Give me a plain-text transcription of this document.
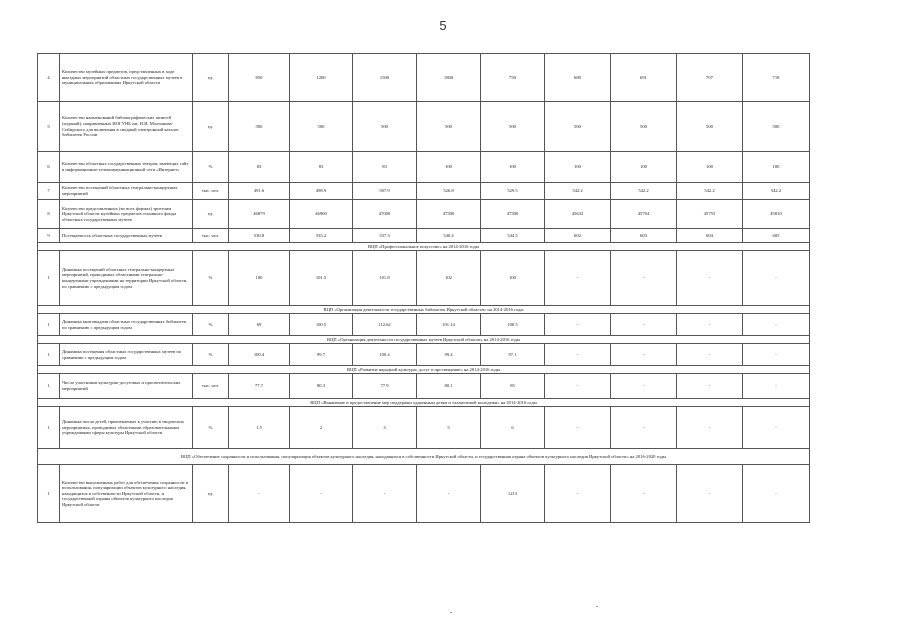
5
4	Количество музейных предметов, представленных в ходе выездных мероприятий областных государственных музеев в муниципальных образованиях Иркутской области	ед.	850	1200	1500	1800	750	680	691	707	718
5	Количество наименований библиографических записей (изданий), направленных ИОГУНБ им. И.И. Молчанова-Сибирского для включения в сводный электронный каталог библиотек России	ед.	500	500	500	500	500	500	500	500	500
6	Количество областных государственных театров, имеющих сайт в информационно-телекоммуникационной сети «Интернет»	%	83	83	83	100	100	100	100	100	100
7	Количество посещений областных театрально-концертных мероприятий	тыс. чел.	491.6	498.9	507.9	526.8	529.5	542.2	542.2	542.2	542.2
8	Количество представленных (во всех формах) зрителям Иркутской области музейных предметов основного фонда областных государственных музеев	ед.	46879	46900	47000	47500	47500	45632	45704	45755	45810
9	Посещаемость областных государственных музеев	тыс. чел.	530.8	535.2	537.3	540.4	544.5	602	603	604	605
ВЦП «Профессиональное искусство» на 2014-2016 годы											
1	Динамика посещений областных театрально-концертных мероприятий, проводимых областными театрально-концертными учреждениями на территории Иркутской области, по сравнению с предыдущим годом	%	100	101.5	101.8	102	100	-	-	-	-
ВЦП «Организация деятельности государственных библиотек Иркутской области» на 2014-2016 годы											
1	Динамика книговыдачи областных государственных библиотек по сравнению с предыдущим годом	%	69	100.5	112.62	101.14	100.5	-	-	-	-
ВЦП «Организация деятельности государственных музеев Иркутской области» на 2014-2016 годы											
1	Динамика посещения областных государственных музеев по сравнению с предыдущим годом	%	100.4	99.7	100.4	99.4	97.1	-	-	-	-
ВЦП «Развитие народной культуры, досуг и просвещение» на 2014-2016 годы											
1	Число участников культурно-досуговых и просветительских мероприятий	тыс. чел.	77.7	80.3	77.9	80.1	85	-	-	-	-
ВЦП «Выявление и предоставление мер поддержки одаренным детям и талантливой молодежи» на 2014-2016 годы											
1	Динамика числа детей, привлекаемых к участию в творческих мероприятиях, проводимых областными образовательными учреждениями сферы культуры Иркутской области	%	1.5	2	3	5	6	-	-	-	-
ВЦП «Обеспечение сохранности и использования, популяризация объектов культурного наследия, находящихся в собственности Иркутской области, и государственная охрана объектов культурного наследия Иркутской области» на 2016-2020 годы											
1	Количество выполненных работ для обеспечения сохранности и использования, популяризации объектов культурного наследия, находящихся в собственности Иркутской области, и государственной охраны объектов культурного наследия Иркутской области	ед.	-	-	-	-	1213	-	-	-	-
